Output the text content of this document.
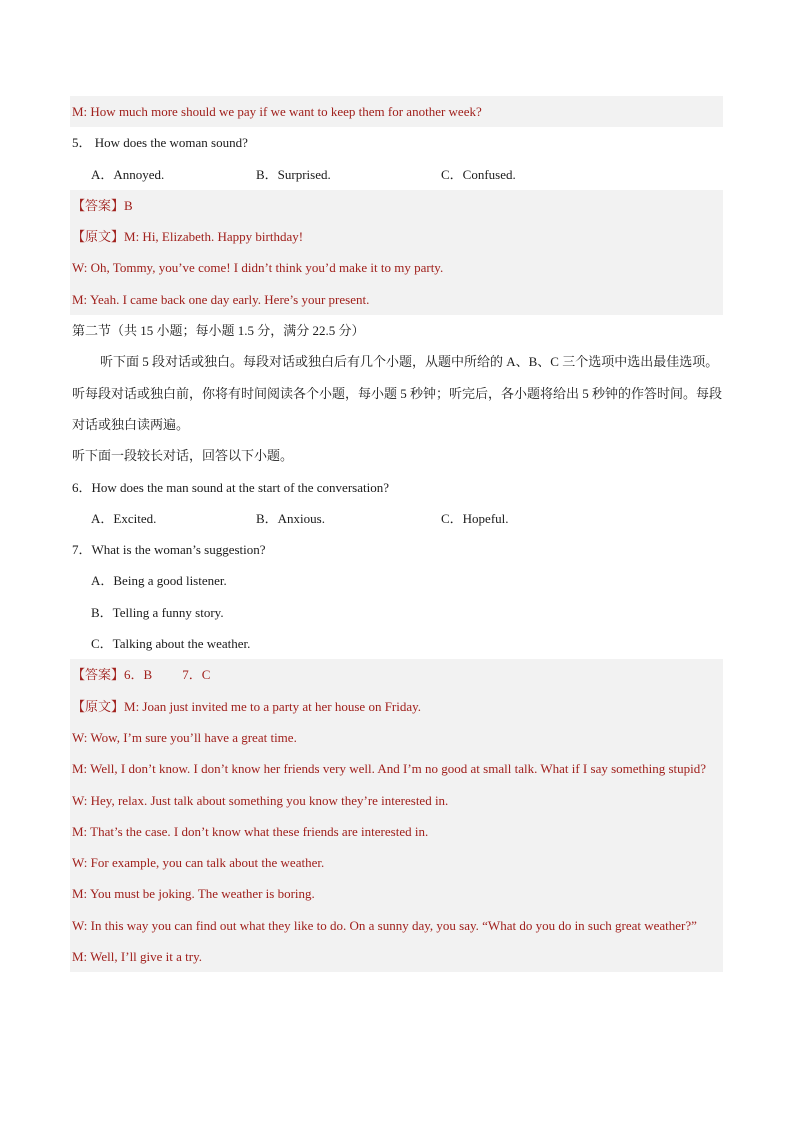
M: How much more should we pay if we want to keep them for another week?
5． How does the woman sound?
A．Annoyed.	B．Surprised.	C．Confused.
【答案】B
【原文】M: Hi, Elizabeth. Happy birthday!
W: Oh, Tommy, you’ve come! I didn’t think you’d make it to my party.
M: Yeah. I came back one day early. Here’s your present.
第二节（共 15 小题；每小题 1.5 分，满分 22.5 分）
听下面 5 段对话或独白。每段对话或独白后有几个小题，从题中所给的 A、B、C 三个选项中选出最佳选项。听每段对话或独白前，你将有时间阅读各个小题，每小题 5 秒钟；听完后，各小题将给出 5 秒钟的作答时间。每段对话或独白读两遍。
听下面一段较长对话，回答以下小题。
6．How does the man sound at the start of the conversation?
A．Excited.	B．Anxious.	C．Hopeful.
7．What is the woman’s suggestion?
A．Being a good listener.
B．Telling a funny story.
C．Talking about the weather.
【答案】6．B 7．C
【原文】M: Joan just invited me to a party at her house on Friday.
W: Wow, I’m sure you’ll have a great time.
M: Well, I don’t know. I don’t know her friends very well. And I’m no good at small talk. What if I say something stupid?
W: Hey, relax. Just talk about something you know they’re interested in.
M: That’s the case. I don’t know what these friends are interested in.
W: For example, you can talk about the weather.
M: You must be joking. The weather is boring.
W: In this way you can find out what they like to do. On a sunny day, you say. “What do you do in such great weather?”
M: Well, I’ll give it a try.
